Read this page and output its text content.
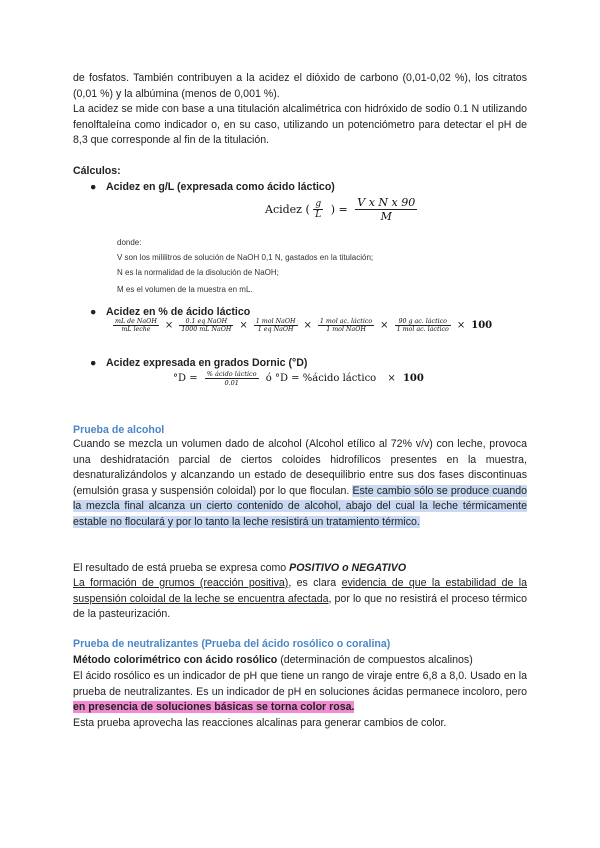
de fosfatos. También contribuyen a la acidez el dióxido de carbono (0,01-0,02 %), los citratos (0,01 %) y la albúmina (menos de 0,001 %).

La acidez se mide con base a una titulación alcalimétrica con hidróxido de sodio 0.1 N utilizando fenolftaleína como indicador o, en su caso, utilizando un potenciómetro para detectar el pH de 8,3 que corresponde al fin de la titulación.

Cálculos:

● Acidez en g/L (expresada como ácido láctico)
Acidez ( $\frac{g}{L}$ ) = $\frac{\text{V x N x 90}}{M}$
donde:
V son los mililitros de solución de NaOH 0,1 N, gastados en la titulación;
N es la normalidad de la disolución de NaOH;
M es el volumen de la muestra en mL.
● Acidez en % de ácido láctico
$\frac{\text{mL de NaOH}}{\text{mL leche}} \times \frac{\text{0.1 eq NaOH}}{\text{1000 mL NaOH}} \times \frac{\text{1 mol NaOH}}{\text{1 eq NaOH}} \times \frac{\text{1 mol ac. láctico}}{\text{1 mol NaOH}} \times \frac{\text{90 g ac. láctico}}{\text{1 mol ac. láctico}} \times 100$
● Acidez expresada en grados Dornic (°D)
$^\circ D = \frac{\text{\% ácido láctico}}{0.01}$ ó °D = %ácido láctico × 100

Prueba de alcohol

Cuando se mezcla un volumen dado de alcohol (Alcohol etílico al 72% v/v) con leche, provoca una deshidratación parcial de ciertos coloides hidrofílicos presentes en la muestra, desnaturalizándolos y alcanzando un estado de desequilibrio entre sus dos fases discontinuas (emulsión grasa y suspensión coloidal) por lo que floculan. Este cambio sólo se produce cuando la mezcla final alcanza un cierto contenido de alcohol, abajo del cual la leche térmicamente estable no floculará y por lo tanto la leche resistirá un tratamiento térmico.

El resultado de está prueba se expresa como POSITIVO o NEGATIVO

La formación de grumos (reacción positiva), es clara evidencia de que la estabilidad de la suspensión coloidal de la leche se encuentra afectada, por lo que no resistirá el proceso térmico de la pasteurización.

Prueba de neutralizantes (Prueba del ácido rosólico o coralina)

Método colorimétrico con ácido rosólico (determinación de compuestos alcalinos)

El ácido rosólico es un indicador de pH que tiene un rango de viraje entre 6,8 a 8,0. Usado en la prueba de neutralizantes. Es un indicador de pH en soluciones ácidas permanece incoloro, pero en presencia de soluciones básicas se torna color rosa.

Esta prueba aprovecha las reacciones alcalinas para generar cambios de color.
